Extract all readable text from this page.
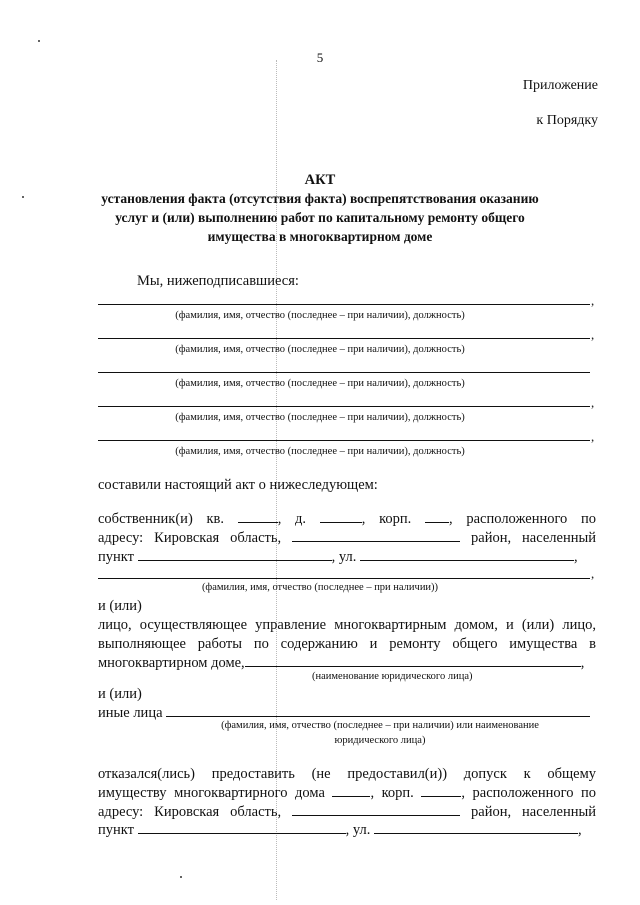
5
Приложение
к Порядку
АКТ
установления факта (отсутствия факта) воспрепятствования оказанию
услуг и (или) выполнению работ по капитальному ремонту общего
имущества в многоквартирном доме
Мы, нижеподписавшиеся:
,
(фамилия, имя, отчество (последнее – при наличии), должность)
,
(фамилия, имя, отчество (последнее – при наличии), должность)
(фамилия, имя, отчество (последнее – при наличии), должность)
,
(фамилия, имя, отчество (последнее – при наличии), должность)
,
(фамилия, имя, отчество (последнее – при наличии), должность)
составили настоящий акт о нижеследующем:
собственник(и) кв.	, д.	, корп.	, расположенного по
адресу: Кировская область,	район, населенный
пункт	, ул.	,
,
(фамилия, имя, отчество (последнее – при наличии))
и (или)
лицо, осуществляющее управление многоквартирным домом, и (или) лицо,
выполняющее работы по содержанию и ремонту общего имущества в
многоквартирном доме,	,
(наименование юридического лица)
и (или)
иные лица
(фамилия, имя, отчество (последнее – при наличии) или наименование
юридического лица)
отказался(лись) предоставить (не предоставил(и)) допуск к общему
имуществу многоквартирного дома	, корп.	, расположенного по
адресу: Кировская область,	район, населенный
пункт	, ул.	,
